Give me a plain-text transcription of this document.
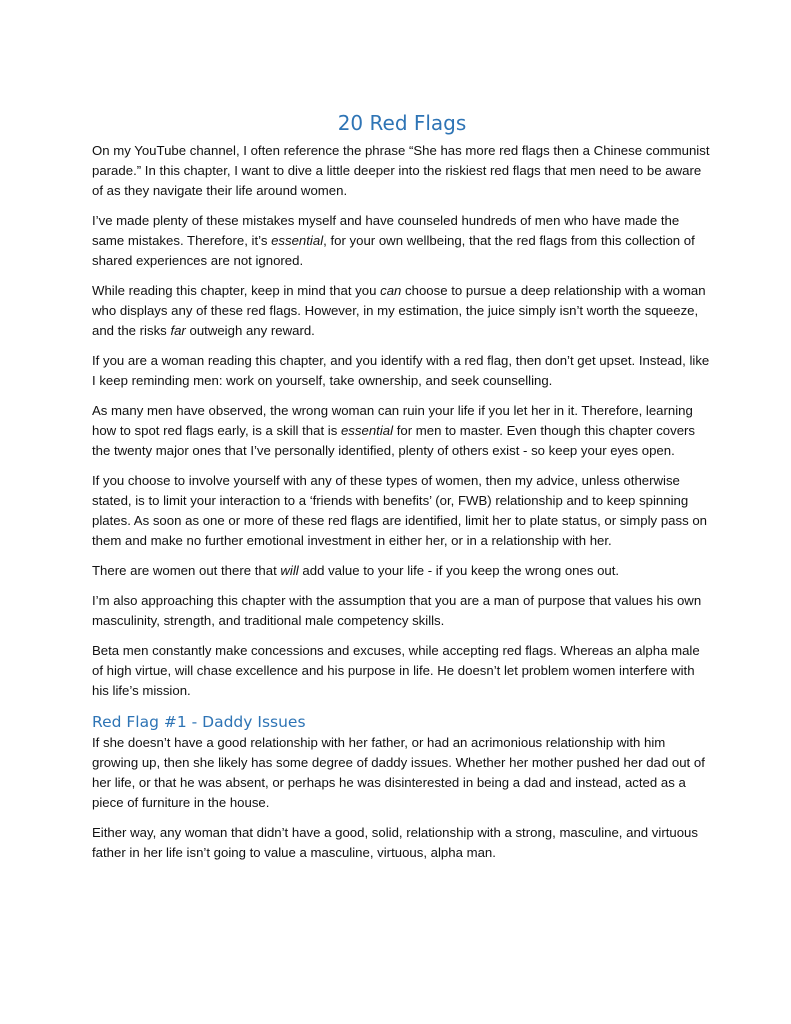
20 Red Flags

On my YouTube channel, I often reference the phrase “She has more red flags then a Chinese communist parade.” In this chapter, I want to dive a little deeper into the riskiest red flags that men need to be aware of as they navigate their life around women.

I’ve made plenty of these mistakes myself and have counseled hundreds of men who have made the same mistakes. Therefore, it’s essential, for your own wellbeing, that the red flags from this collection of shared experiences are not ignored.

While reading this chapter, keep in mind that you can choose to pursue a deep relationship with a woman who displays any of these red flags. However, in my estimation, the juice simply isn’t worth the squeeze, and the risks far outweigh any reward.

If you are a woman reading this chapter, and you identify with a red flag, then don’t get upset. Instead, like I keep reminding men: work on yourself, take ownership, and seek counselling.

As many men have observed, the wrong woman can ruin your life if you let her in it. Therefore, learning how to spot red flags early, is a skill that is essential for men to master. Even though this chapter covers the twenty major ones that I’ve personally identified, plenty of others exist - so keep your eyes open.

If you choose to involve yourself with any of these types of women, then my advice, unless otherwise stated, is to limit your interaction to a ‘friends with benefits’ (or, FWB) relationship and to keep spinning plates. As soon as one or more of these red flags are identified, limit her to plate status, or simply pass on them and make no further emotional investment in either her, or in a relationship with her.

There are women out there that will add value to your life - if you keep the wrong ones out.

I’m also approaching this chapter with the assumption that you are a man of purpose that values his own masculinity, strength, and traditional male competency skills.

Beta men constantly make concessions and excuses, while accepting red flags. Whereas an alpha male of high virtue, will chase excellence and his purpose in life. He doesn’t let problem women interfere with his life’s mission.

Red Flag #1 - Daddy Issues

If she doesn’t have a good relationship with her father, or had an acrimonious relationship with him growing up, then she likely has some degree of daddy issues. Whether her mother pushed her dad out of her life, or that he was absent, or perhaps he was disinterested in being a dad and instead, acted as a piece of furniture in the house.

Either way, any woman that didn’t have a good, solid, relationship with a strong, masculine, and virtuous father in her life isn’t going to value a masculine, virtuous, alpha man.
